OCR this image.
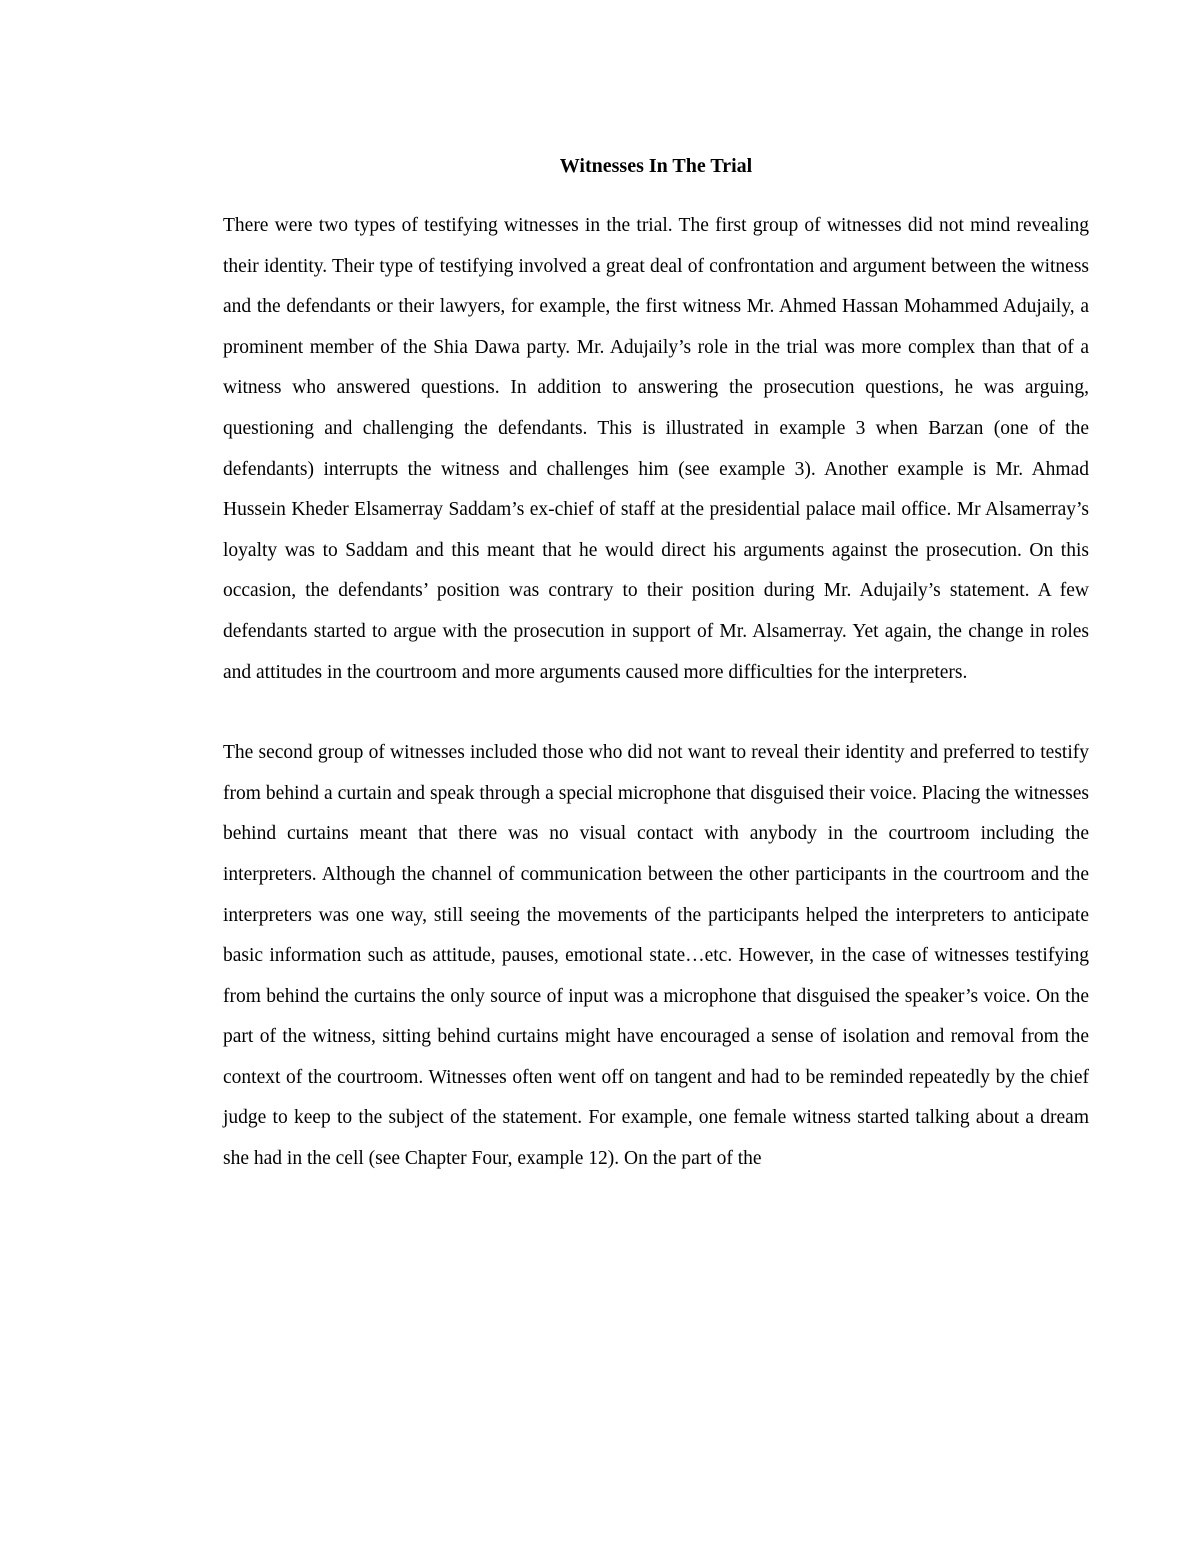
Witnesses In The Trial

There were two types of testifying witnesses in the trial. The first group of witnesses did not mind revealing their identity. Their type of testifying involved a great deal of confrontation and argument between the witness and the defendants or their lawyers, for example, the first witness Mr. Ahmed Hassan Mohammed Adujaily, a prominent member of the Shia Dawa party. Mr. Adujaily’s role in the trial was more complex than that of a witness who answered questions. In addition to answering the prosecution questions, he was arguing, questioning and challenging the defendants. This is illustrated in example 3 when Barzan (one of the defendants) interrupts the witness and challenges him (see example 3). Another example is Mr. Ahmad Hussein Kheder Elsamerray Saddam’s ex-chief of staff at the presidential palace mail office. Mr Alsamerray’s loyalty was to Saddam and this meant that he would direct his arguments against the prosecution. On this occasion, the defendants’ position was contrary to their position during Mr. Adujaily’s statement. A few defendants started to argue with the prosecution in support of Mr. Alsamerray. Yet again, the change in roles and attitudes in the courtroom and more arguments caused more difficulties for the interpreters.

The second group of witnesses included those who did not want to reveal their identity and preferred to testify from behind a curtain and speak through a special microphone that disguised their voice. Placing the witnesses behind curtains meant that there was no visual contact with anybody in the courtroom including the interpreters. Although the channel of communication between the other participants in the courtroom and the interpreters was one way, still seeing the movements of the participants helped the interpreters to anticipate basic information such as attitude, pauses, emotional state…etc. However, in the case of witnesses testifying from behind the curtains the only source of input was a microphone that disguised the speaker’s voice. On the part of the witness, sitting behind curtains might have encouraged a sense of isolation and removal from the context of the courtroom. Witnesses often went off on tangent and had to be reminded repeatedly by the chief judge to keep to the subject of the statement. For example, one female witness started talking about a dream she had in the cell (see Chapter Four, example 12). On the part of the
